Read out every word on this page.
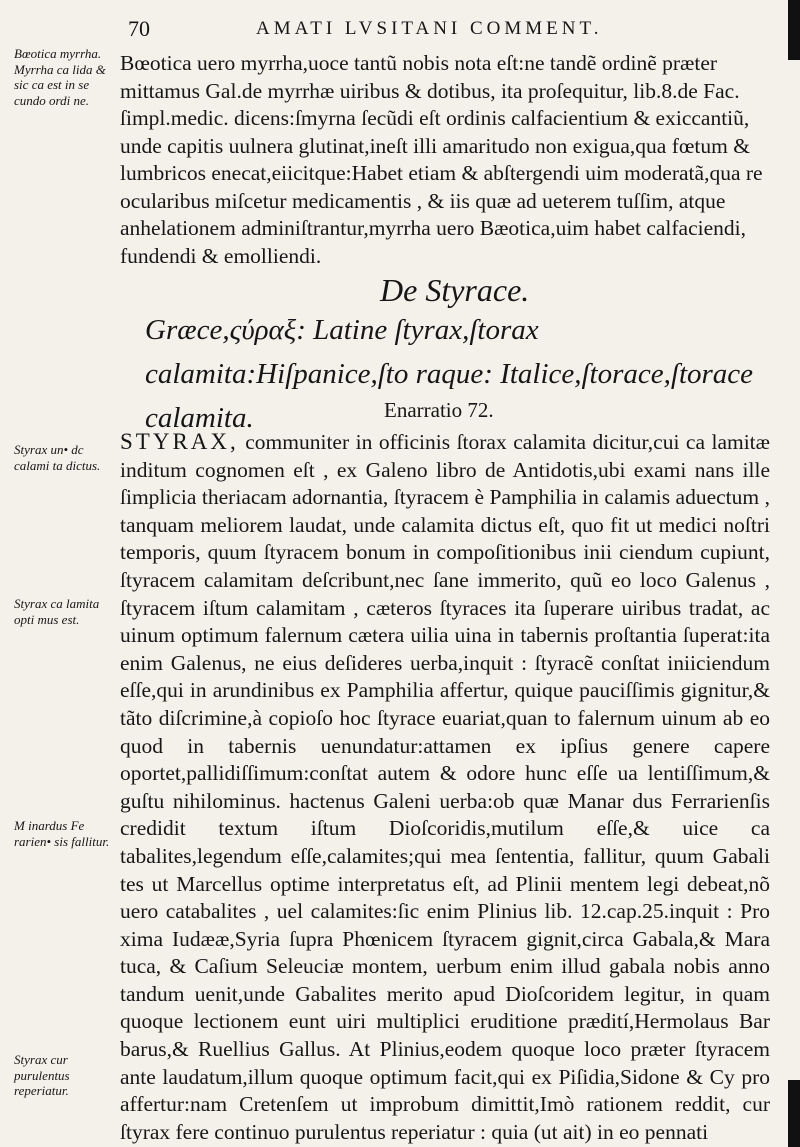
70	AMATI LVSITANI COMMENT.
Bœotica myrrha. Myrrha ca lida & sic ca est in se cundo ordi ne.
Styrax un• dc calami ta dictus.
Styrax ca lamita opti mus est.
M inardus Fe rarien• sis fallitur.
Styrax cur purulentus reperiatur.

Bœotica uero myrrha,uoce tantũ nobis nota eſt:ne tandẽ ordinẽ præter mittamus Gal.de myrrhæ uiribus & dotibus, ita proſequitur, lib.8.de Fac. ſimpl.medic. dicens:ſmyrna ſecũdi eſt ordinis calfacientium & exiccantiũ, unde capitis uulnera glutinat,ineſt illi amaritudo non exigua,qua fœtum & lumbricos enecat,eiicitque:Habet etiam & abſtergendi uim moderatã,qua re ocularibus miſcetur medicamentis , & iis quæ ad ueterem tuſſim, atque anhelationem adminiſtrantur,myrrha uero Bæotica,uim habet calfaciendi, fundendi & emolliendi.

De Styrace.
Græce,ςύραξ: Latine ſtyrax,ſtorax calamita:Hiſpanice,ſto raque: Italice,ſtorace,ſtorace calamita.	Enarratio 72.

STYRAX, communiter in officinis ſtorax calamita dicitur,cui ca lamitæ inditum cognomen eſt , ex Galeno libro de Antidotis,ubi exami nans ille ſimplicia theriacam adornantia, ſtyracem è Pamphilia in calamis aduectum , tanquam meliorem laudat, unde calamita dictus eſt, quo fit ut medici noſtri temporis, quum ſtyracem bonum in compoſitionibus inii ciendum cupiunt, ſtyracem calamitam deſcribunt,nec ſane immerito, quũ eo loco Galenus , ſtyracem iſtum calamitam , cæteros ſtyraces ita ſuperare uiribus tradat, ac uinum optimum falernum cætera uilia uina in tabernis proſtantia ſuperat:ita enim Galenus, ne eius deſideres uerba,inquit : ſtyracẽ conſtat iniiciendum eſſe,qui in arundinibus ex Pamphilia affertur, quique pauciſſimis gignitur,& tãto diſcrimine,à copioſo hoc ſtyrace euariat,quan to falernum uinum ab eo quod in tabernis uenundatur:attamen ex ipſius genere capere oportet,pallidiſſimum:conſtat autem & odore hunc eſſe ua lentiſſimum,& guſtu nihilominus. hactenus Galeni uerba:ob quæ Manar dus Ferrarienſis credidit textum iſtum Dioſcoridis,mutilum eſſe,& uice ca tabalites,legendum eſſe,calamites;qui mea ſententia, fallitur, quum Gabali tes ut Marcellus optime interpretatus eſt, ad Plinii mentem legi debeat,nõ uero catabalites , uel calamites:ſic enim Plinius lib. 12.cap.25.inquit : Pro xima Iudææ,Syria ſupra Phœnicem ſtyracem gignit,circa Gabala,& Mara tuca, & Caſium Seleuciæ montem, uerbum enim illud gabala nobis anno tandum uenit,unde Gabalites merito apud Dioſcoridem legitur, in quam quoque lectionem eunt uiri multiplici eruditione prædití,Hermolaus Bar barus,& Ruellius Gallus. At Plinius,eodem quoque loco præter ſtyracem ante laudatum,illum quoque optimum facit,qui ex Piſidia,Sidone & Cy pro affertur:nam Cretenſem ut improbum dimittit,Imò rationem reddit, cur ſtyrax fere continuo purulentus reperiatur : quia (ut ait) in eo pennati
